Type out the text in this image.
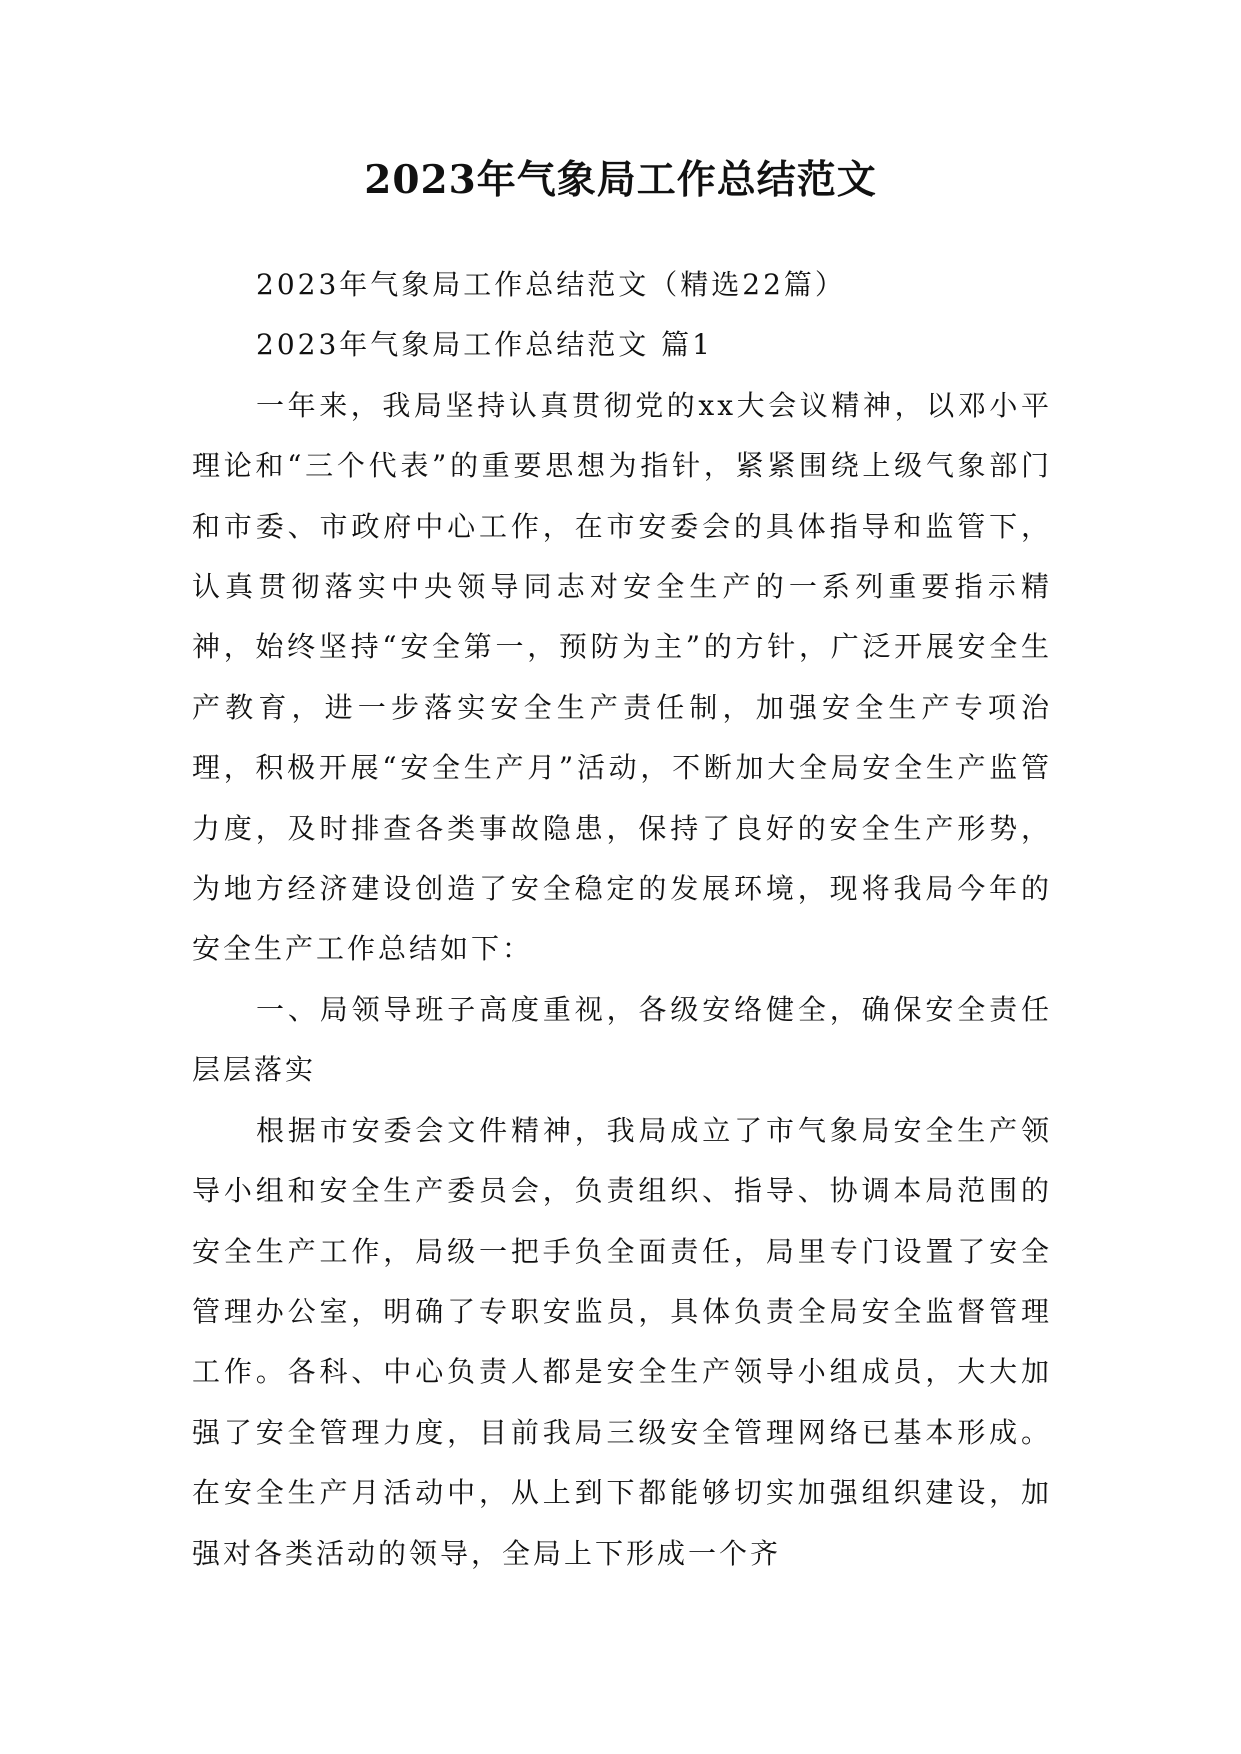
2023年气象局工作总结范文

2023年气象局工作总结范文（精选22篇）

2023年气象局工作总结范文 篇1

一年来，我局坚持认真贯彻党的xx大会议精神，以邓小平理论和“三个代表”的重要思想为指针，紧紧围绕上级气象部门和市委、市政府中心工作，在市安委会的具体指导和监管下，认真贯彻落实中央领导同志对安全生产的一系列重要指示精神，始终坚持“安全第一，预防为主”的方针，广泛开展安全生产教育，进一步落实安全生产责任制，加强安全生产专项治理，积极开展“安全生产月”活动，不断加大全局安全生产监管力度，及时排查各类事故隐患，保持了良好的安全生产形势，为地方经济建设创造了安全稳定的发展环境，现将我局今年的安全生产工作总结如下：

一、局领导班子高度重视，各级安络健全，确保安全责任层层落实

根据市安委会文件精神，我局成立了市气象局安全生产领导小组和安全生产委员会，负责组织、指导、协调本局范围的安全生产工作，局级一把手负全面责任，局里专门设置了安全管理办公室，明确了专职安监员，具体负责全局安全监督管理工作。各科、中心负责人都是安全生产领导小组成员，大大加强了安全管理力度，目前我局三级安全管理网络已基本形成。在安全生产月活动中，从上到下都能够切实加强组织建设，加强对各类活动的领导，全局上下形成一个齐
